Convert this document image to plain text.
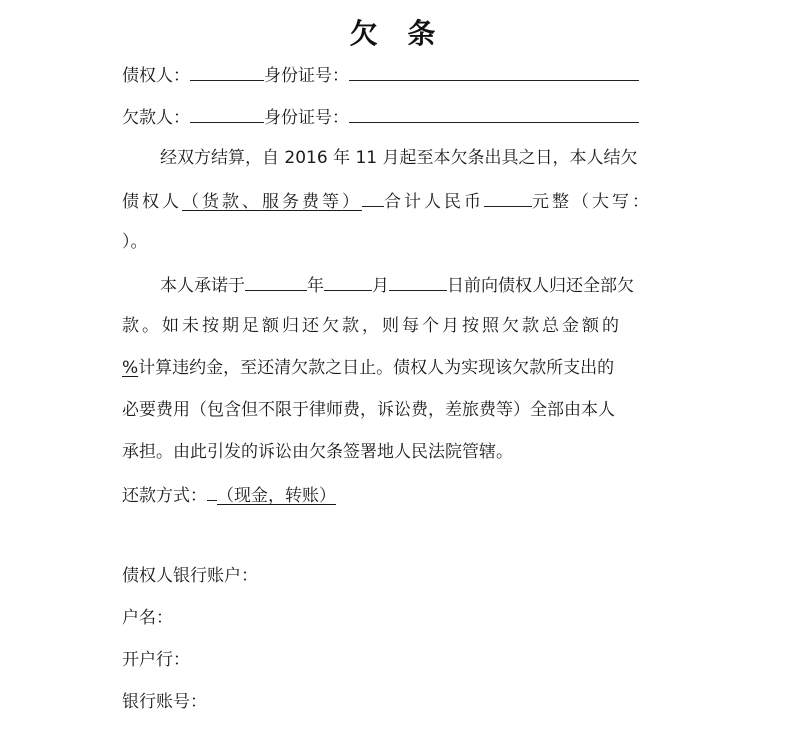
欠 条
债权人：	身份证号：
欠款人：	身份证号：
经双方结算，自 2016 年 11 月起至本欠条出具之日，本人结欠
债权人（货款、服务费等） 合计人民币	元整（大写：
）。
本人承诺于	年	月	日前向债权人归还全部欠
款。如未按期足额归还欠款，则每个月按照欠款总金额的
%计算违约金，至还清欠款之日止。债权人为实现该欠款所支出的
必要费用（包含但不限于律师费，诉讼费，差旅费等）全部由本人
承担。由此引发的诉讼由欠条签署地人民法院管辖。
还款方式： （现金，转账）
债权人银行账户：
户名：
开户行：
银行账号：
